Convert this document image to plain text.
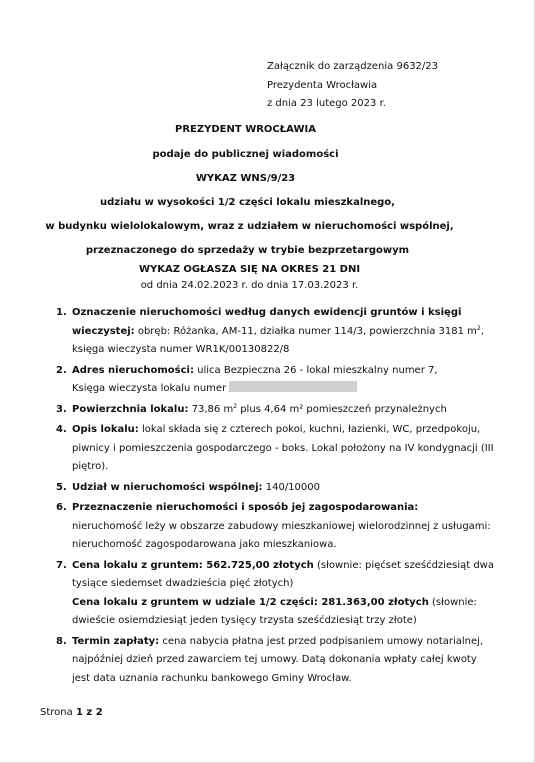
Załącznik do zarządzenia 9632/23
Prezydenta Wrocławia
z dnia 23 lutego 2023 r.
PREZYDENT WROCŁAWIA
podaje do publicznej wiadomości
WYKAZ WNS/9/23
udziału w wysokości 1/2 części lokalu mieszkalnego,
w budynku wielolokalowym, wraz z udziałem w nieruchomości wspólnej,
przeznaczonego do sprzedaży w trybie bezprzetargowym
WYKAZ OGŁASZA SIĘ NA OKRES 21 DNI
od dnia 24.02.2023 r. do dnia 17.03.2023 r.
1. Oznaczenie nieruchomości według danych ewidencji gruntów i księgi wieczystej: obręb: Różanka, AM-11, działka numer 114/3, powierzchnia 3181 $m^2$, księga wieczysta numer WR1K/00130822/8
2. Adres nieruchomości: ulica Bezpieczna 26 - lokal mieszkalny numer 7,
Księga wieczysta lokalu numer
3. Powierzchnia lokalu: 73,86 $m^2$ plus 4,64 m² pomieszczeń przynależnych
4. Opis lokalu: lokal składa się z czterech pokoi, kuchni, łazienki, WC, przedpokoju, piwnicy i pomieszczenia gospodarczego - boks. Lokal położony na IV kondygnacji (III piętro).
5. Udział w nieruchomości wspólnej: 140/10000
6. Przeznaczenie nieruchomości i sposób jej zagospodarowania:
nieruchomość leży w obszarze zabudowy mieszkaniowej wielorodzinnej z usługami: nieruchomość zagospodarowana jako mieszkaniowa.
7. Cena lokalu z gruntem: 562.725,00 złotych (słownie: pięćset sześćdziesiąt dwa tysiące siedemset dwadzieścia pięć złotych)
Cena lokalu z gruntem w udziale 1/2 części: 281.363,00 złotych (słownie: dwieście osiemdziesiąt jeden tysięcy trzysta sześćdziesiąt trzy złote)
8. Termin zapłaty: cena nabycia płatna jest przed podpisaniem umowy notarialnej, najpóźniej dzień przed zawarciem tej umowy. Datą dokonania wpłaty całej kwoty jest data uznania rachunku bankowego Gminy Wrocław.
Strona 1 z 2
